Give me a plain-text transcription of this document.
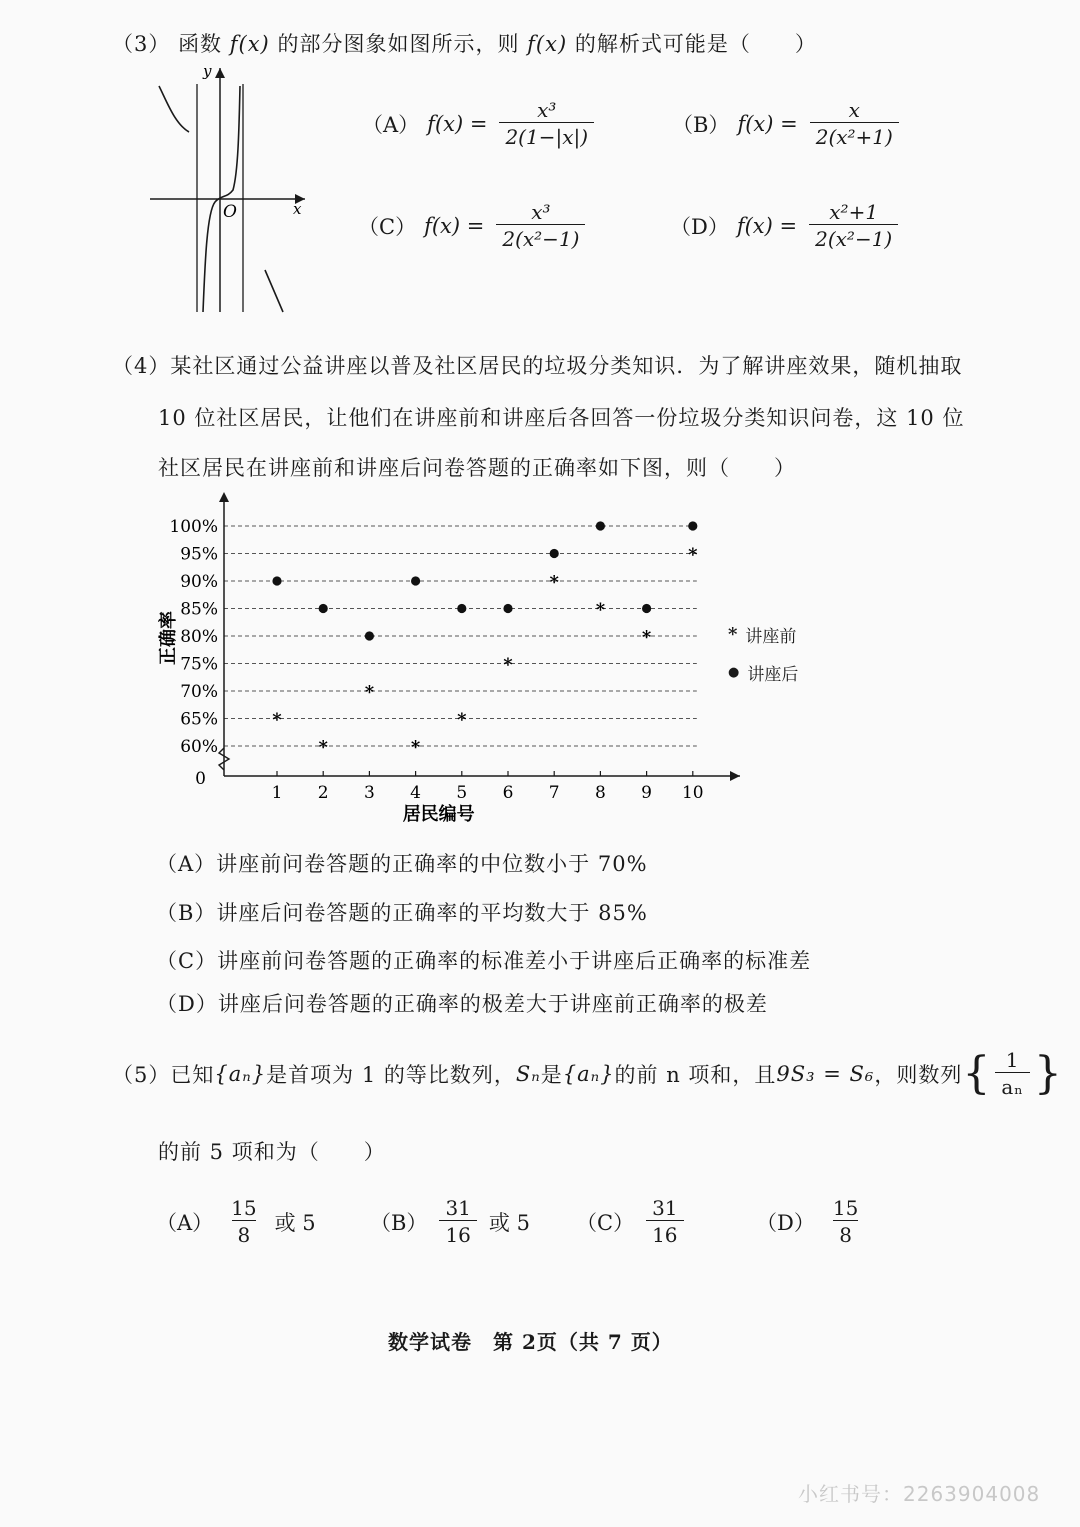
（3） 函数 f(x) 的部分图象如图所示，则 f(x) 的解析式可能是（　　）
x
y
O
（A） $f(x) = \frac{\text{x³}}{2(1-|x|)}$	（B） $f(x) = \frac{x}{\text{2(x²+1)}}$
（C） $f(x) = \frac{\text{x³}}{\text{2(x²−1)}}$	（D） $f(x) = \frac{\text{x²+1}}{\text{2(x²−1)}}$
（4）某社区通过公益讲座以普及社区居民的垃圾分类知识．为了解讲座效果，随机抽取
10 位社区居民，让他们在讲座前和讲座后各回答一份垃圾分类知识问卷，这 10 位
社区居民在讲座前和讲座后问卷答题的正确率如下图，则（　　）
*
*
*
*
*
*
*
*
*
*
60%
65%
70%
75%
80%
85%
90%
95%
100%
0
1 2 3 4 5 6 7 8 9 10
居民编号
正确率	* 讲座前
● 讲座后
（A）讲座前问卷答题的正确率的中位数小于 70%
（B）讲座后问卷答题的正确率的平均数大于 85%
（C）讲座前问卷答题的正确率的标准差小于讲座后正确率的标准差
（D）讲座后问卷答题的正确率的极差大于讲座前正确率的极差
（5） 已知 {aₙ} 是首项为 1 的等比数列， Sₙ 是 {aₙ} 的前 n 项和，且 9S₃ = S₆ ，则数列 { $\frac{1}{\text{aₙ}}$ }
的前 5 项和为（　　）
$(A) \frac{15}{8}$ 或 5	$(B) \frac{31}{16}$ 或 5 $(C) \frac{31}{16}$	$(D) \frac{15}{8}$
数学试卷　第 2页（共 7 页）
小红书号：2263904008
